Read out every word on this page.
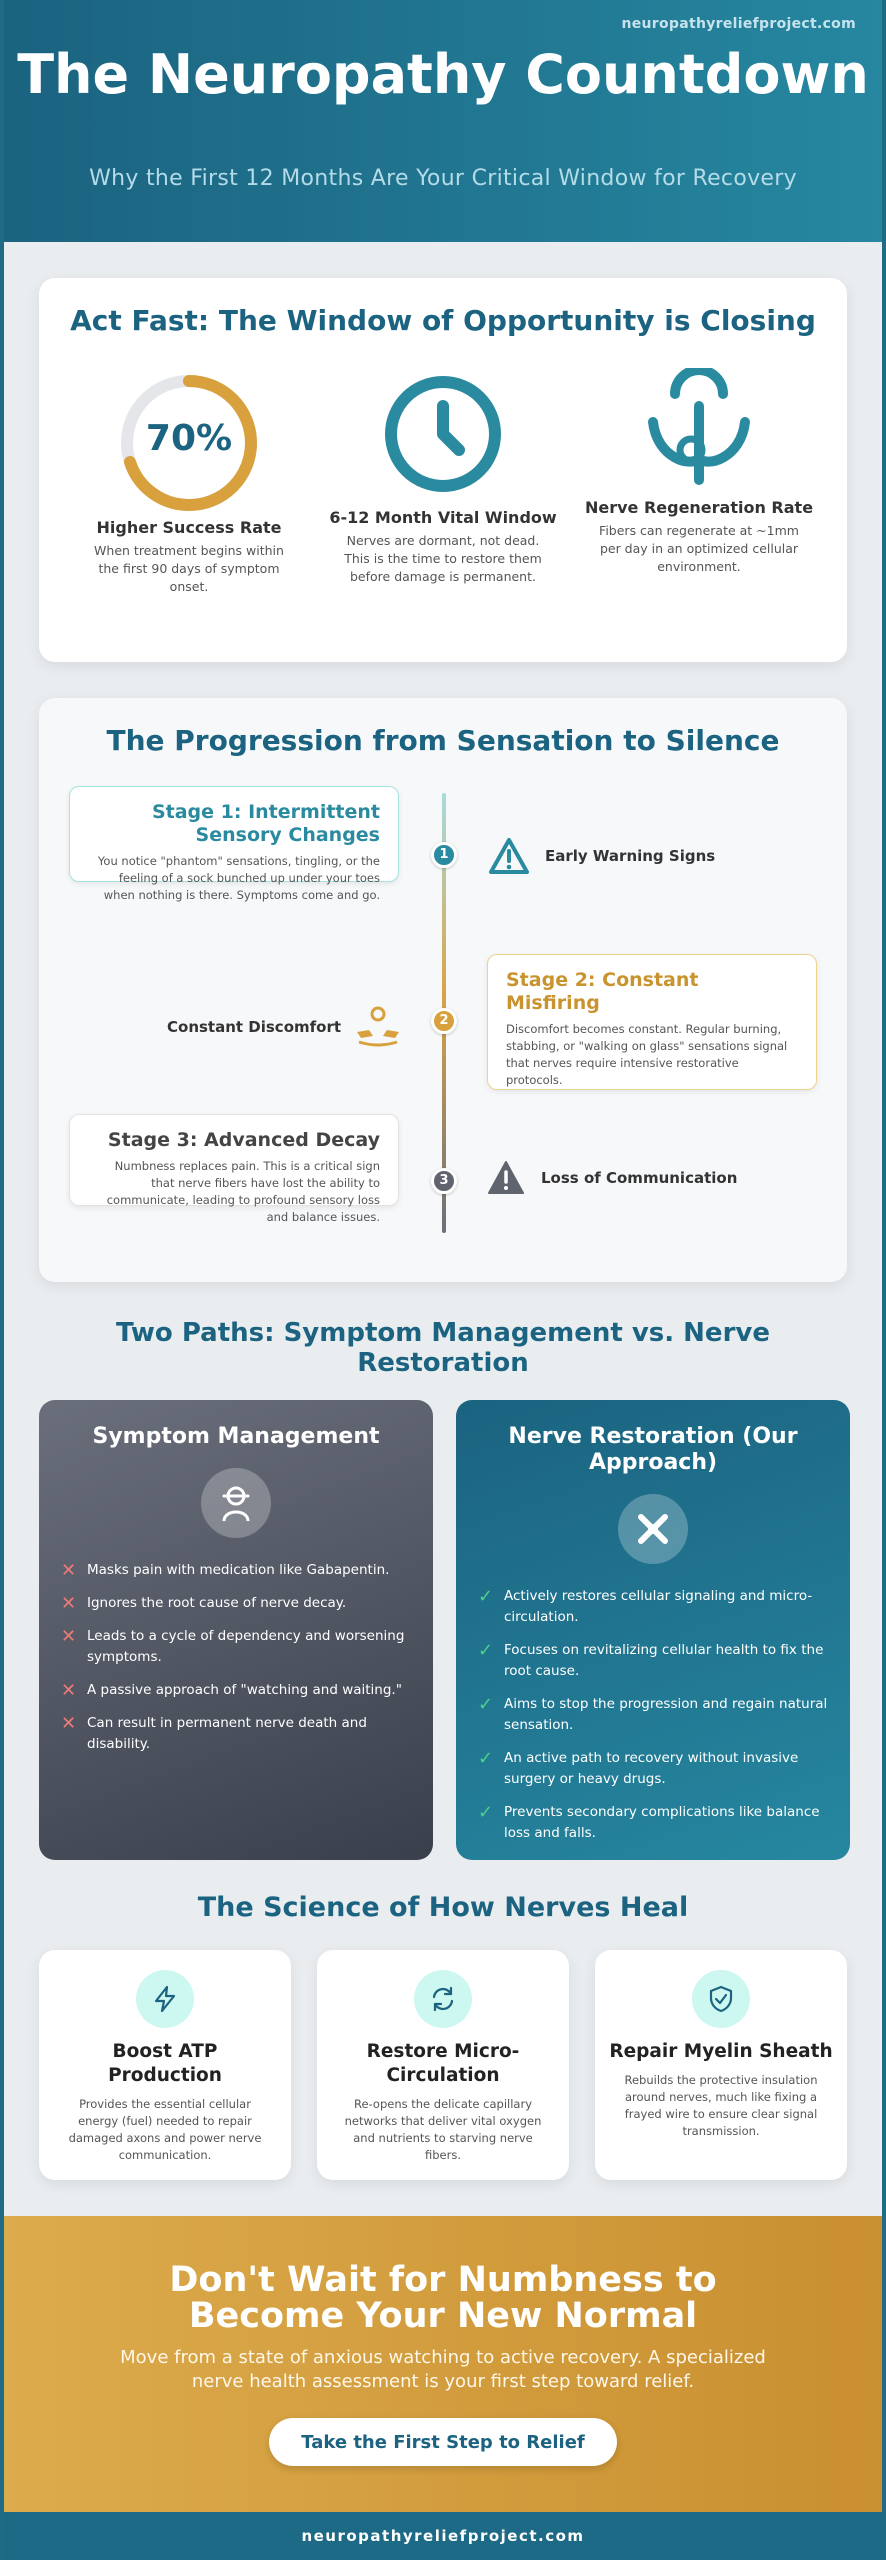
neuropathyreliefproject.com
The Neuropathy Countdown
Why the First 12 Months Are Your Critical Window for Recovery
Act Fast: The Window of Opportunity is Closing
70%
Higher Success Rate
When treatment begins within the first 90 days of symptom onset.
6-12 Month Vital Window
Nerves are dormant, not dead. This is the time to restore them before damage is permanent.
Nerve Regeneration Rate
Fibers can regenerate at ~1mm per day in an optimized cellular environment.
The Progression from Sensation to Silence
1
2
3
Stage 1: Intermittent Sensory Changes
You notice "phantom" sensations, tingling, or the feeling of a sock bunched up under your toes when nothing is there. Symptoms come and go.
Early Warning Signs
Constant Discomfort
Stage 2: Constant Misfiring
Discomfort becomes constant. Regular burning, stabbing, or "walking on glass" sensations signal that nerves require intensive restorative protocols.
Stage 3: Advanced Decay
Numbness replaces pain. This is a critical sign that nerve fibers have lost the ability to communicate, leading to profound sensory loss and balance issues.
Loss of Communication
Two Paths: Symptom Management vs. Nerve Restoration
Symptom Management
✕ Masks pain with medication like Gabapentin.
✕ Ignores the root cause of nerve decay.
✕ Leads to a cycle of dependency and worsening symptoms.
✕ A passive approach of "watching and waiting."
✕ Can result in permanent nerve death and disability.
Nerve Restoration (Our Approach)
✓ Actively restores cellular signaling and micro-circulation.
✓ Focuses on revitalizing cellular health to fix the root cause.
✓ Aims to stop the progression and regain natural sensation.
✓ An active path to recovery without invasive surgery or heavy drugs.
✓ Prevents secondary complications like balance loss and falls.
The Science of How Nerves Heal
Boost ATP Production
Provides the essential cellular energy (fuel) needed to repair damaged axons and power nerve communication.
Restore Micro-Circulation
Re-opens the delicate capillary networks that deliver vital oxygen and nutrients to starving nerve fibers.
Repair Myelin Sheath
Rebuilds the protective insulation around nerves, much like fixing a frayed wire to ensure clear signal transmission.
Don't Wait for Numbness to Become Your New Normal
Move from a state of anxious watching to active recovery. A specialized nerve health assessment is your first step toward relief.
Take the First Step to Relief
neuropathyreliefproject.com
